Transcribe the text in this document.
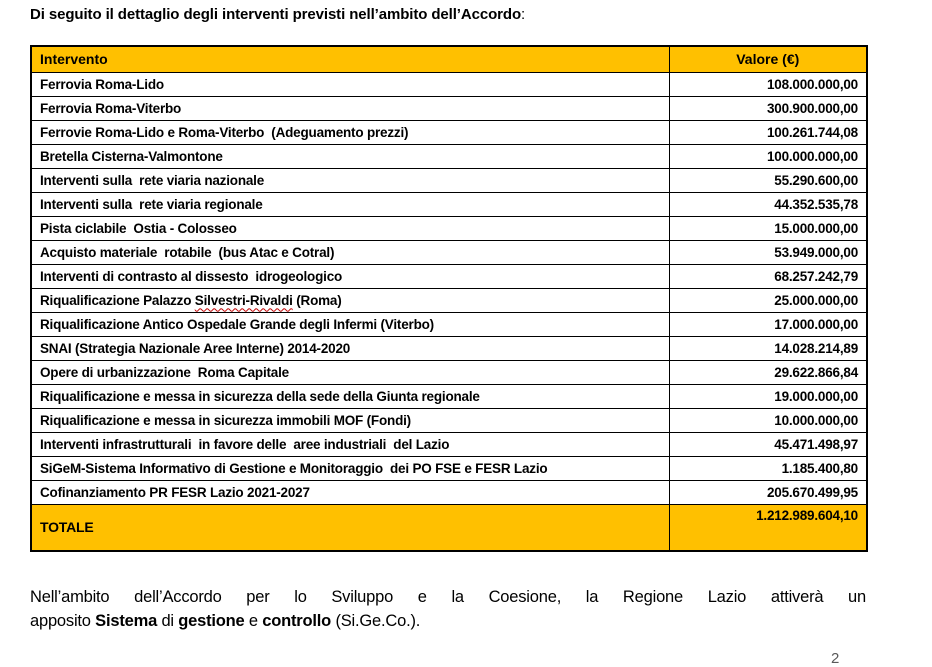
Di seguito il dettaglio degli interventi previsti nell’ambito dell’Accordo:
Intervento	Valore (€)
Ferrovia Roma-Lido	108.000.000,00
Ferrovia Roma-Viterbo	300.900.000,00
Ferrovie Roma-Lido e Roma-Viterbo  (Adeguamento prezzi)	100.261.744,08
Bretella Cisterna-Valmontone	100.000.000,00
Interventi sulla  rete viaria nazionale	55.290.600,00
Interventi sulla  rete viaria regionale	44.352.535,78
Pista ciclabile  Ostia - Colosseo	15.000.000,00
Acquisto materiale  rotabile  (bus Atac e Cotral)	53.949.000,00
Interventi di contrasto al dissesto  idrogeologico	68.257.242,79
Riqualificazione Palazzo Silvestri-Rivaldi (Roma)	25.000.000,00
Riqualificazione Antico Ospedale Grande degli Infermi (Viterbo)	17.000.000,00
SNAI (Strategia Nazionale Aree Interne) 2014-2020	14.028.214,89
Opere di urbanizzazione  Roma Capitale	29.622.866,84
Riqualificazione e messa in sicurezza della sede della Giunta regionale	19.000.000,00
Riqualificazione e messa in sicurezza immobili MOF (Fondi)	10.000.000,00
Interventi infrastrutturali  in favore delle  aree industriali  del Lazio	45.471.498,97
SiGeM-Sistema Informativo di Gestione e Monitoraggio  dei PO FSE e FESR Lazio	1.185.400,80
Cofinanziamento PR FESR Lazio 2021-2027	205.670.499,95
TOTALE	1.212.989.604,10
Nell’ambito dell’Accordo per lo Sviluppo e la Coesione, la Regione Lazio attiverà un
apposito Sistema di gestione e controllo (Si.Ge.Co.).
2
